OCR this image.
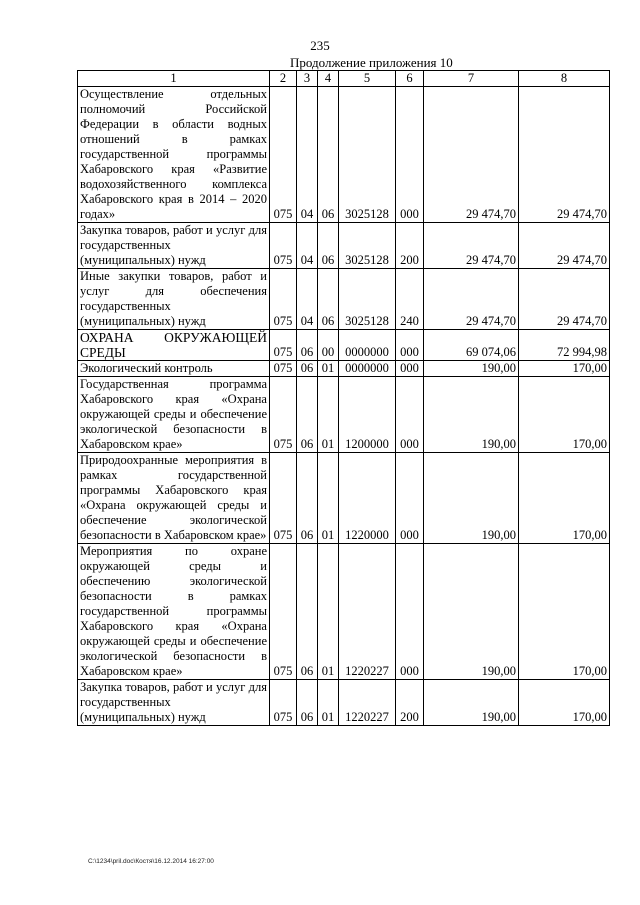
235
Продолжение приложения 10
1	2	3	4	5	6	7	8
Осуществление отдельных полномочий Российской Федерации в области водных отношений в рамках государственной программы Хабаровского края «Развитие водохозяйственного комплекса Хабаровского края в 2014 – 2020 годах»	075	04	06	3025128	000	29 474,70	29 474,70
Закупка товаров, работ и услуг для государственных (муниципальных) нужд	075	04	06	3025128	200	29 474,70	29 474,70
Иные закупки товаров, работ и услуг для обеспечения государственных (муниципальных) нужд	075	04	06	3025128	240	29 474,70	29 474,70
ОХРАНА ОКРУЖАЮЩЕЙ СРЕДЫ	075	06	00	0000000	000	69 074,06	72 994,98
Экологический контроль	075	06	01	0000000	000	190,00	170,00
Государственная программа Хабаровского края «Охрана окружающей среды и обеспечение экологической безопасности в Хабаровском крае»	075	06	01	1200000	000	190,00	170,00
Природоохранные мероприятия в рамках государственной программы Хабаровского края «Охрана окружающей среды и обеспечение экологической безопасности в Хабаровском крае»	075	06	01	1220000	000	190,00	170,00
Мероприятия по охране окружающей среды и обеспечению экологической безопасности в рамках государственной программы Хабаровского края «Охрана окружающей среды и обеспечение экологической безопасности в Хабаровском крае»	075	06	01	1220227	000	190,00	170,00
Закупка товаров, работ и услуг для государственных (муниципальных) нужд	075	06	01	1220227	200	190,00	170,00
C:\1234\pril.doc\Костя\16.12.2014 16:27:00
